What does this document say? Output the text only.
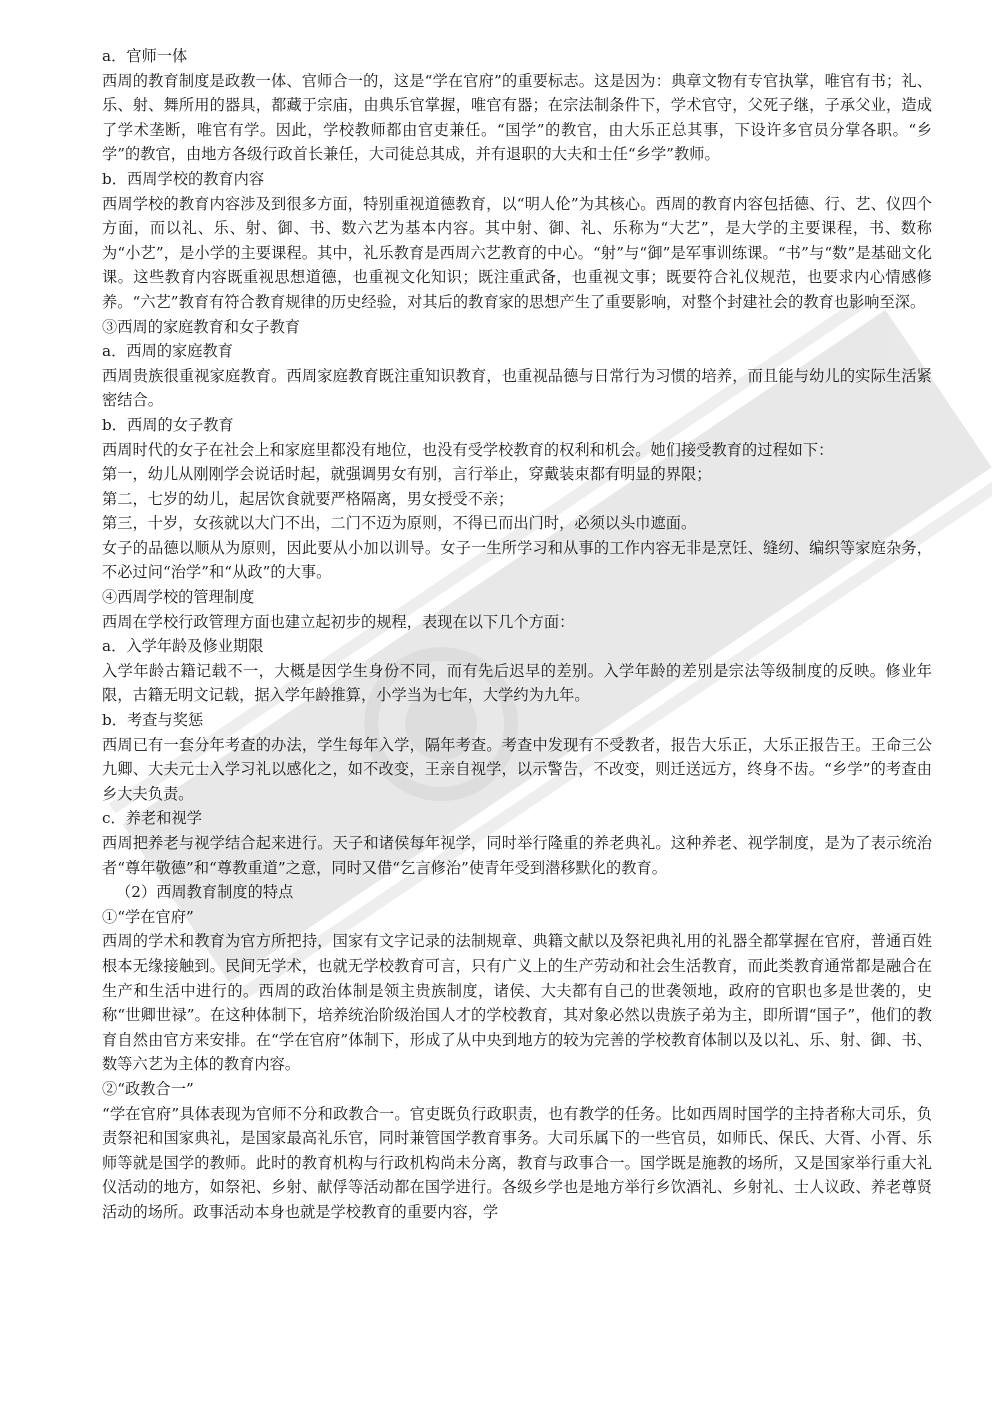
a．官师一体

西周的教育制度是政教一体、官师合一的，这是“学在官府”的重要标志。这是因为：典章文物有专官执掌，唯官有书；礼、乐、射、舞所用的器具，都藏于宗庙，由典乐官掌握，唯官有器；在宗法制条件下，学术官守，父死子继，子承父业，造成了学术垄断，唯官有学。因此，学校教师都由官吏兼任。“国学”的教官，由大乐正总其事，下设许多官员分掌各职。“乡学”的教官，由地方各级行政首长兼任，大司徒总其成，并有退职的大夫和士任“乡学”教师。

b．西周学校的教育内容

西周学校的教育内容涉及到很多方面，特别重视道德教育，以“明人伦”为其核心。西周的教育内容包括德、行、艺、仪四个方面，而以礼、乐、射、御、书、数六艺为基本内容。其中射、御、礼、乐称为“大艺”，是大学的主要课程，书、数称为“小艺”，是小学的主要课程。其中，礼乐教育是西周六艺教育的中心。“射”与“御”是军事训练课。“书”与“数”是基础文化课。这些教育内容既重视思想道德，也重视文化知识；既注重武备，也重视文事；既要符合礼仪规范，也要求内心情感修养。“六艺”教育有符合教育规律的历史经验，对其后的教育家的思想产生了重要影响，对整个封建社会的教育也影响至深。

③西周的家庭教育和女子教育

a．西周的家庭教育

西周贵族很重视家庭教育。西周家庭教育既注重知识教育，也重视品德与日常行为习惯的培养，而且能与幼儿的实际生活紧密结合。

b．西周的女子教育

西周时代的女子在社会上和家庭里都没有地位，也没有受学校教育的权利和机会。她们接受教育的过程如下：

第一，幼儿从刚刚学会说话时起，就强调男女有别，言行举止，穿戴装束都有明显的界限；

第二，七岁的幼儿，起居饮食就要严格隔离，男女授受不亲；

第三，十岁，女孩就以大门不出，二门不迈为原则，不得已而出门时，必须以头巾遮面。

女子的品德以顺从为原则，因此要从小加以训导。女子一生所学习和从事的工作内容无非是烹饪、缝纫、编织等家庭杂务，不必过问“治学”和“从政”的大事。

④西周学校的管理制度

西周在学校行政管理方面也建立起初步的规程，表现在以下几个方面：

a．入学年龄及修业期限

入学年龄古籍记载不一，大概是因学生身份不同，而有先后迟早的差别。入学年龄的差别是宗法等级制度的反映。修业年限，古籍无明文记载，据入学年龄推算，小学当为七年，大学约为九年。

b．考查与奖惩

西周已有一套分年考查的办法，学生每年入学，隔年考查。考查中发现有不受教者，报告大乐正，大乐正报告王。王命三公九卿、大夫元士入学习礼以感化之，如不改变，王亲自视学，以示警告，不改变，则迁送远方，终身不齿。“乡学”的考查由乡大夫负责。

c．养老和视学

西周把养老与视学结合起来进行。天子和诸侯每年视学，同时举行隆重的养老典礼。这种养老、视学制度，是为了表示统治者“尊年敬德”和“尊教重道”之意，同时又借“乞言修治”使青年受到潜移默化的教育。

（2）西周教育制度的特点

①“学在官府”

西周的学术和教育为官方所把持，国家有文字记录的法制规章、典籍文献以及祭祀典礼用的礼器全都掌握在官府，普通百姓根本无缘接触到。民间无学术，也就无学校教育可言，只有广义上的生产劳动和社会生活教育，而此类教育通常都是融合在生产和生活中进行的。西周的政治体制是领主贵族制度，诸侯、大夫都有自己的世袭领地，政府的官职也多是世袭的，史称“世卿世禄”。在这种体制下，培养统治阶级治国人才的学校教育，其对象必然以贵族子弟为主，即所谓“国子”，他们的教育自然由官方来安排。在“学在官府”体制下，形成了从中央到地方的较为完善的学校教育体制以及以礼、乐、射、御、书、数等六艺为主体的教育内容。

②“政教合一”

“学在官府”具体表现为官师不分和政教合一。官吏既负行政职责，也有教学的任务。比如西周时国学的主持者称大司乐，负责祭祀和国家典礼，是国家最高礼乐官，同时兼管国学教育事务。大司乐属下的一些官员，如师氏、保氏、大胥、小胥、乐师等就是国学的教师。此时的教育机构与行政机构尚未分离，教育与政事合一。国学既是施教的场所，又是国家举行重大礼仪活动的地方，如祭祀、乡射、献俘等活动都在国学进行。各级乡学也是地方举行乡饮酒礼、乡射礼、士人议政、养老尊贤活动的场所。政事活动本身也就是学校教育的重要内容，学
